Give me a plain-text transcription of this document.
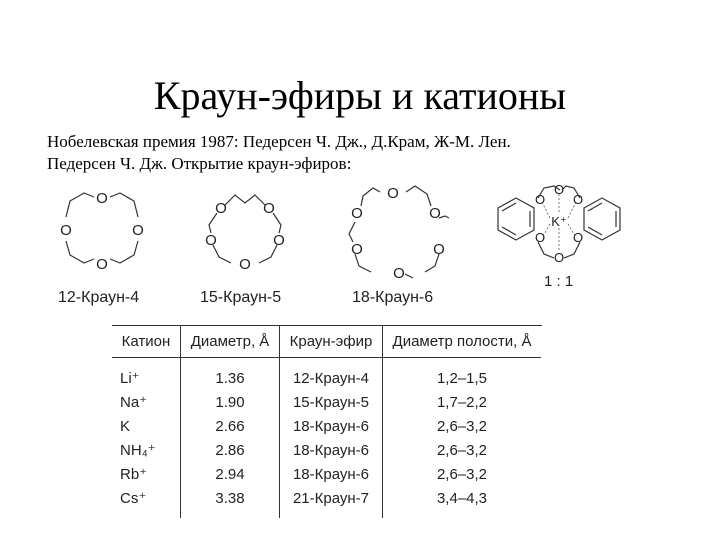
Краун-эфиры и катионы
Нобелевская премия 1987: Педерсен Ч. Дж., Д.Крам, Ж-М. Лен.
Педерсен Ч. Дж. Открытие краун-эфиров:
O
O	O
O
12-Краун-4
O O
O	O
O
15-Краун-5
O
O	O
O	O
O
18-Краун-6
O
O O
O O
O
K⁺
1 : 1
Катион	Диаметр, Å	Краун-эфир	Диаметр полости, Å
Li⁺	1.36	12-Краун-4	1,2–1,5
Na⁺	1.90	15-Краун-5	1,7–2,2
K	2.66	18-Краун-6	2,6–3,2
NH₄⁺	2.86	18-Краун-6	2,6–3,2
Rb⁺	2.94	18-Краун-6	2,6–3,2
Cs⁺	3.38	21-Краун-7	3,4–4,3
